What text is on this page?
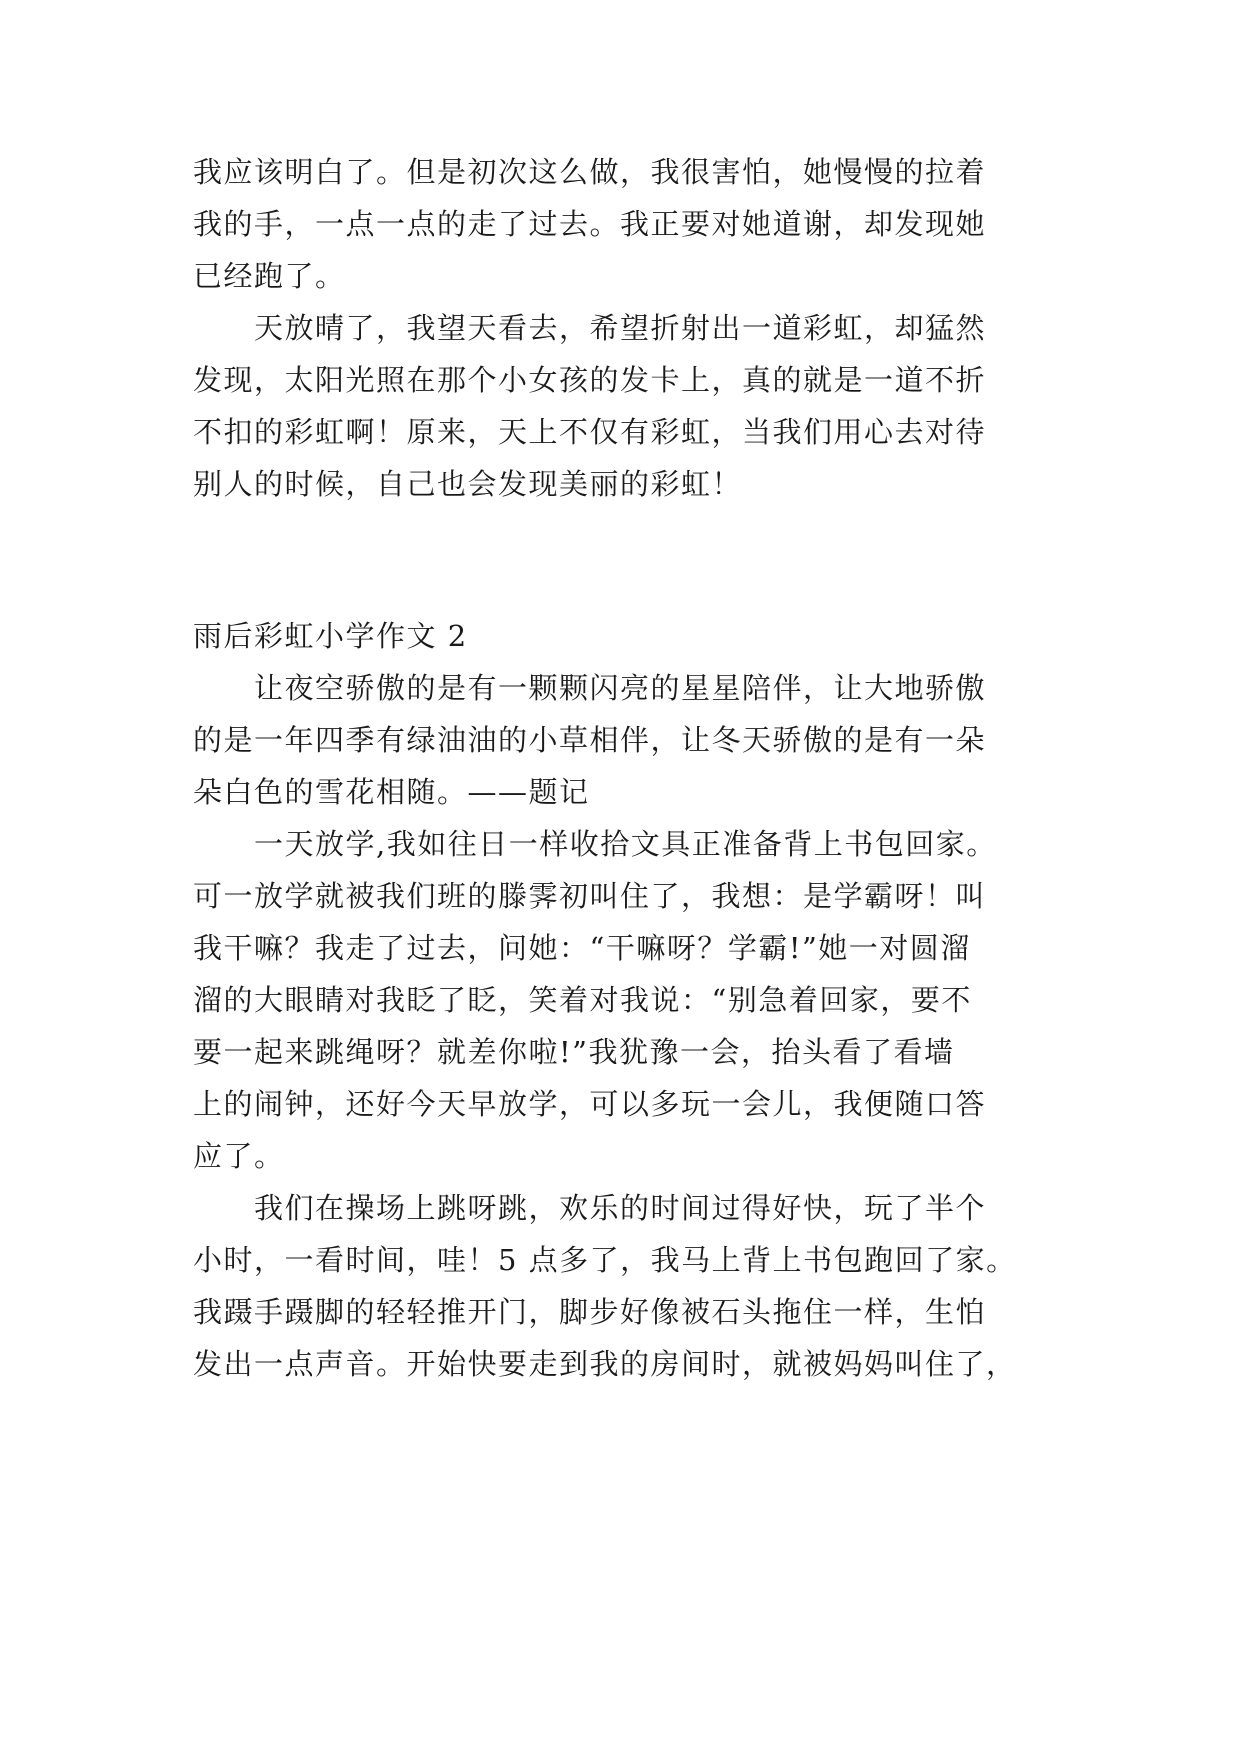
我应该明白了。但是初次这么做，我很害怕，她慢慢的拉着
我的手，一点一点的走了过去。我正要对她道谢，却发现她
已经跑了。
　　天放晴了，我望天看去，希望折射出一道彩虹，却猛然
发现，太阳光照在那个小女孩的发卡上，真的就是一道不折
不扣的彩虹啊！原来，天上不仅有彩虹，当我们用心去对待
别人的时候，自己也会发现美丽的彩虹！
雨后彩虹小学作文 2
　　让夜空骄傲的是有一颗颗闪亮的星星陪伴，让大地骄傲
的是一年四季有绿油油的小草相伴，让冬天骄傲的是有一朵
朵白色的雪花相随。——题记
　　一天放学,我如往日一样收拾文具正准备背上书包回家。
可一放学就被我们班的滕霁初叫住了，我想：是学霸呀！叫
我干嘛？我走了过去，问她：“干嘛呀？学霸!”她一对圆溜
溜的大眼睛对我眨了眨，笑着对我说：“别急着回家，要不
要一起来跳绳呀？就差你啦!”我犹豫一会，抬头看了看墙
上的闹钟，还好今天早放学，可以多玩一会儿，我便随口答
应了。
　　我们在操场上跳呀跳，欢乐的时间过得好快，玩了半个
小时，一看时间，哇！5 点多了，我马上背上书包跑回了家。
我蹑手蹑脚的轻轻推开门，脚步好像被石头拖住一样，生怕
发出一点声音。开始快要走到我的房间时，就被妈妈叫住了，
